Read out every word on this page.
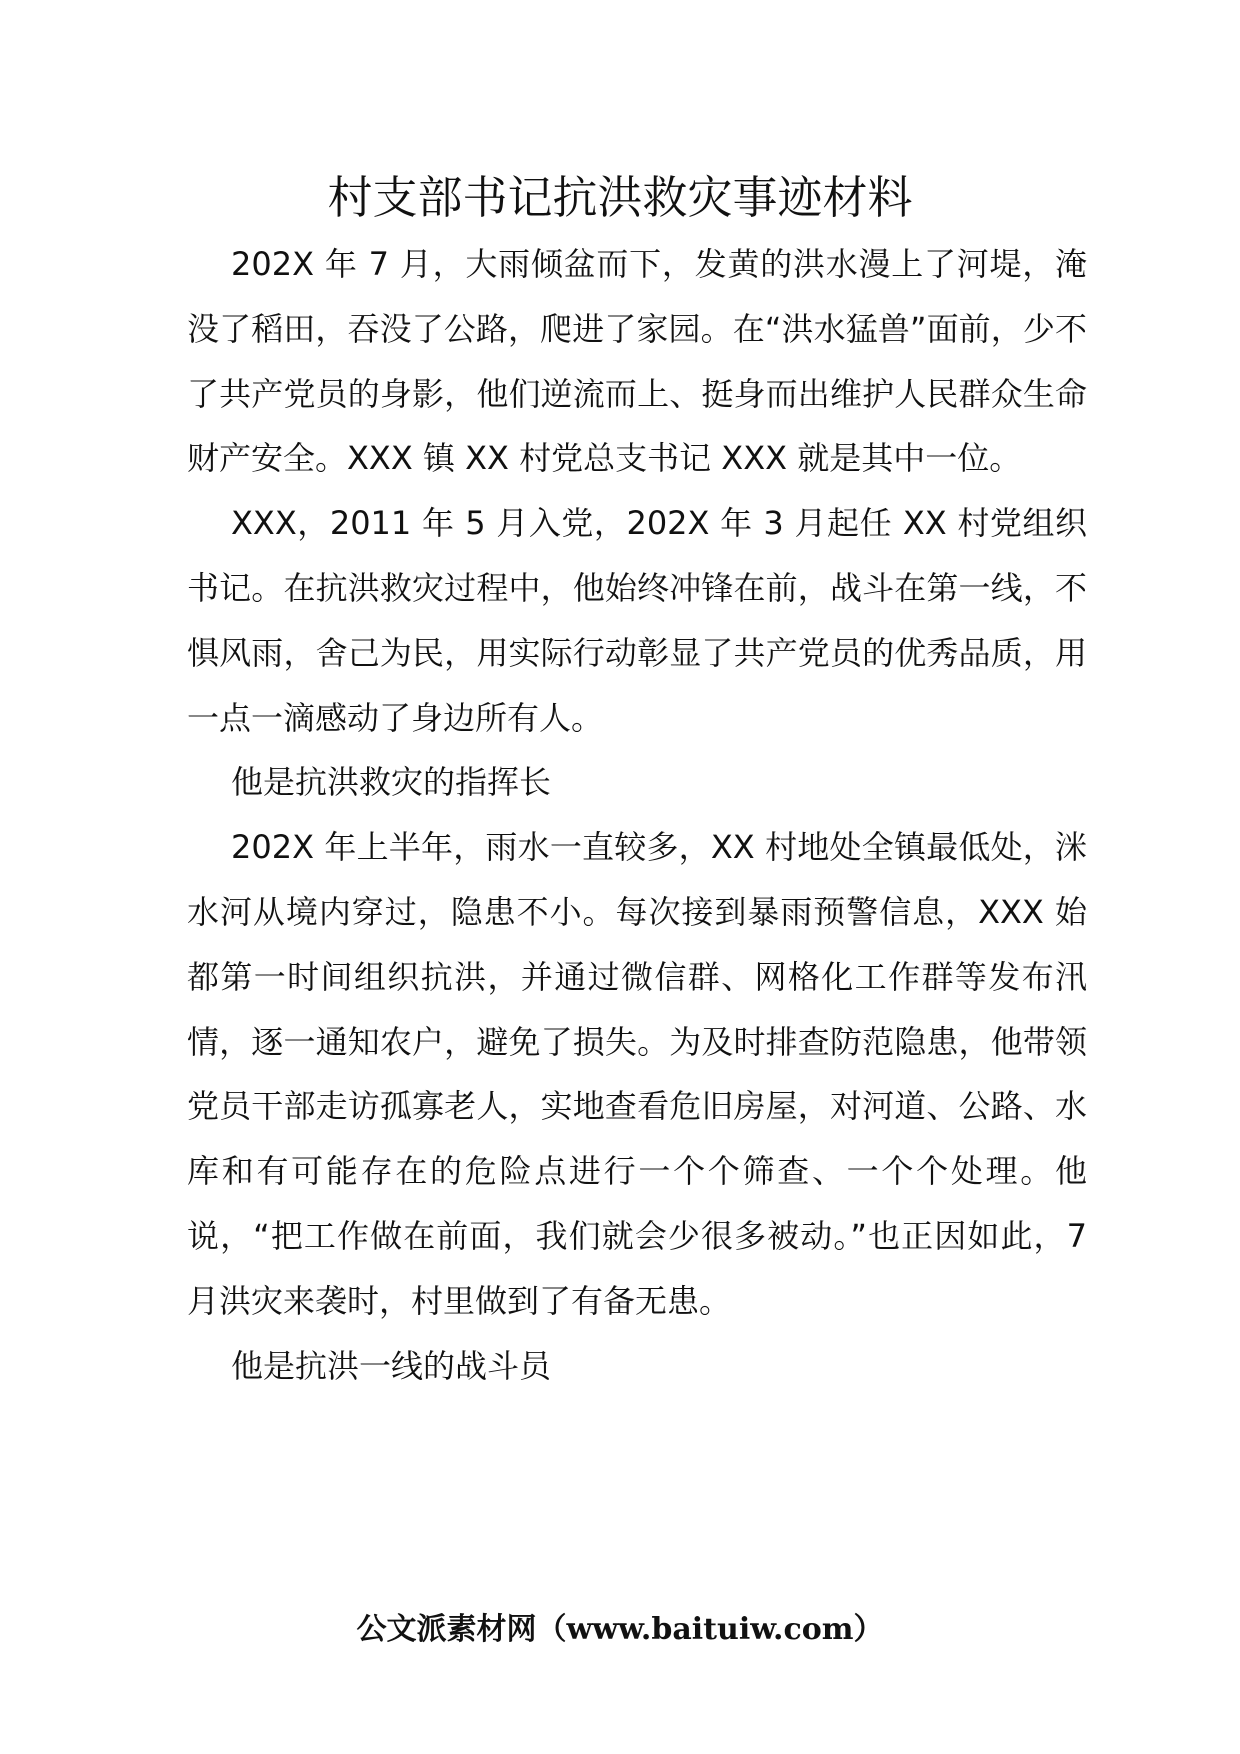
村支部书记抗洪救灾事迹材料

202X 年 7 月，大雨倾盆而下，发黄的洪水漫上了河堤，淹没了稻田，吞没了公路，爬进了家园。在“洪水猛兽”面前，少不了共产党员的身影，他们逆流而上、挺身而出维护人民群众生命财产安全。XXX 镇 XX 村党总支书记 XXX 就是其中一位。

XXX，2011 年 5 月入党，202X 年 3 月起任 XX 村党组织书记。在抗洪救灾过程中，他始终冲锋在前，战斗在第一线，不惧风雨，舍己为民，用实际行动彰显了共产党员的优秀品质，用一点一滴感动了身边所有人。

他是抗洪救灾的指挥长

202X 年上半年，雨水一直较多，XX 村地处全镇最低处，洣水河从境内穿过，隐患不小。每次接到暴雨预警信息，XXX 始都第一时间组织抗洪，并通过微信群、网格化工作群等发布汛情，逐一通知农户，避免了损失。为及时排查防范隐患，他带领党员干部走访孤寡老人，实地查看危旧房屋，对河道、公路、水库和有可能存在的危险点进行一个个筛查、一个个处理。他说，“把工作做在前面，我们就会少很多被动。”也正因如此，7 月洪灾来袭时，村里做到了有备无患。

他是抗洪一线的战斗员

公文派素材网（www.baituiw.com）
